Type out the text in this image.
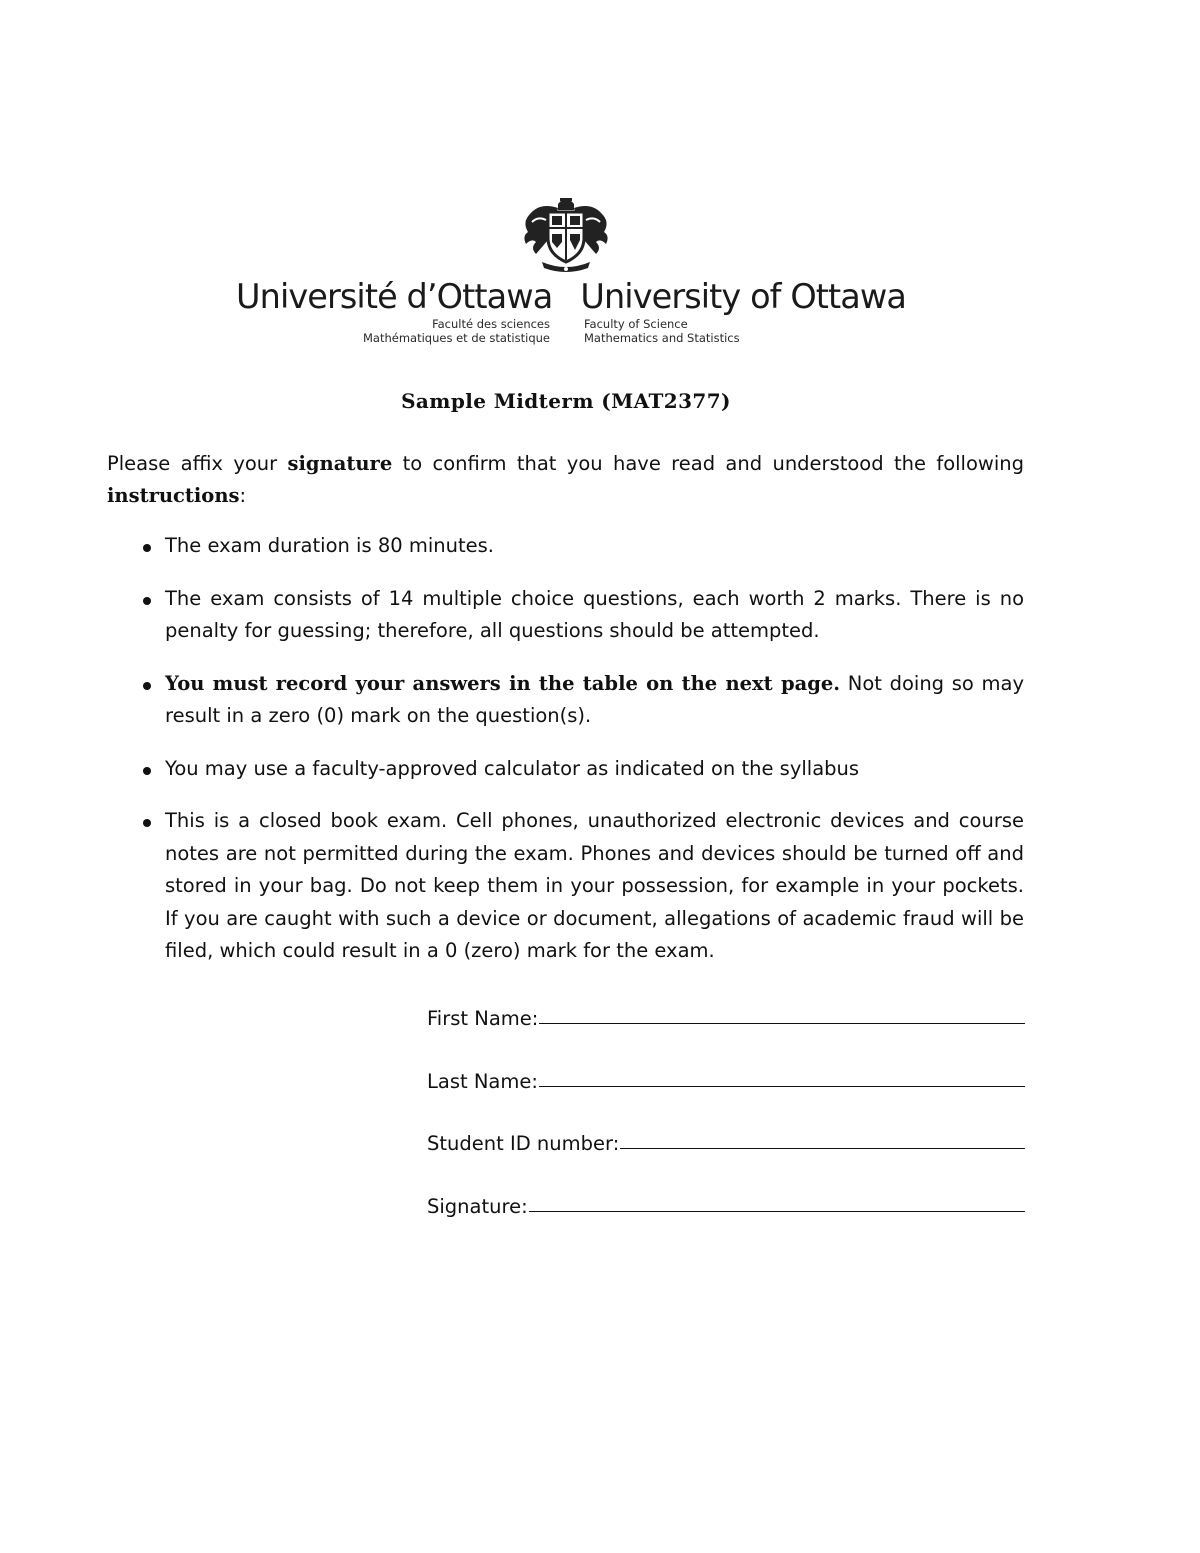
Université d’Ottawa University of Ottawa
Faculté des sciences
Mathématiques et de statistique
Faculty of Science
Mathematics and Statistics
Sample Midterm (MAT2377)
Please affix your signature to confirm that you have read and understood the following instructions:
The exam duration is 80 minutes.
The exam consists of 14 multiple choice questions, each worth 2 marks. There is no penalty for guessing; therefore, all questions should be attempted.
You must record your answers in the table on the next page. Not doing so may result in a zero (0) mark on the question(s).
You may use a faculty-approved calculator as indicated on the syllabus
This is a closed book exam. Cell phones, unauthorized electronic devices and course notes are not permitted during the exam. Phones and devices should be turned off and stored in your bag. Do not keep them in your possession, for example in your pockets. If you are caught with such a device or document, allegations of academic fraud will be filed, which could result in a 0 (zero) mark for the exam.
First Name:
Last Name:
Student ID number:
Signature:
